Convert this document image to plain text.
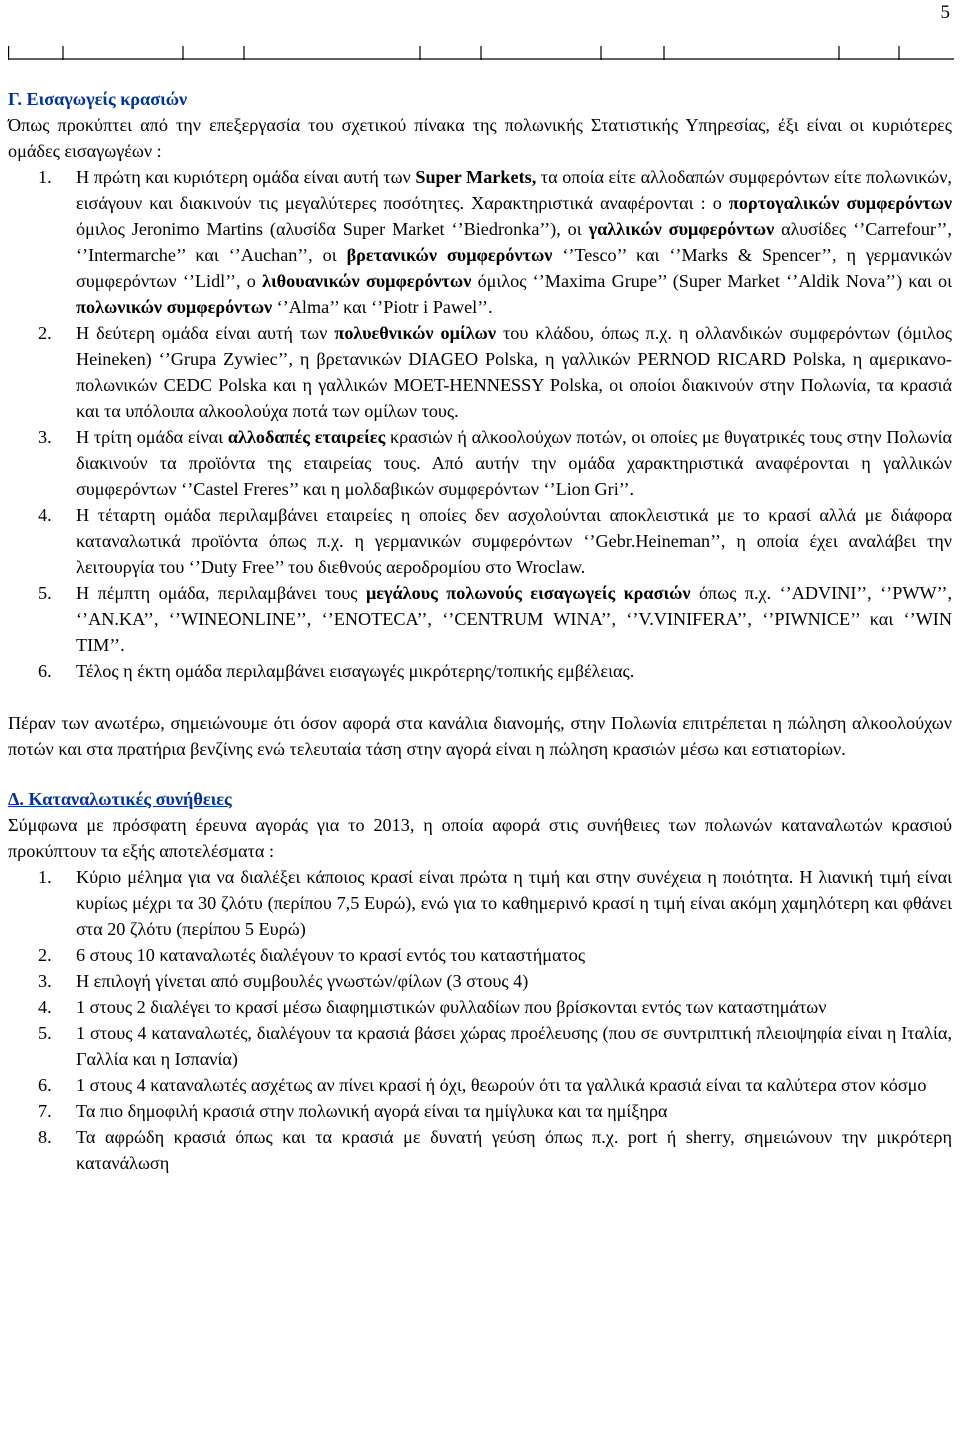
5
Γ. Εισαγωγείς κρασιών

Όπως προκύπτει από την επεξεργασία του σχετικού πίνακα της πολωνικής Στατιστικής Υπηρεσίας, έξι είναι οι κυριότερες ομάδες εισαγωγέων :

1. Η πρώτη και κυριότερη ομάδα είναι αυτή των Super Markets, τα οποία είτε αλλοδαπών συμφερόντων είτε πολωνικών, εισάγουν και διακινούν τις μεγαλύτερες ποσότητες. Χαρακτηριστικά αναφέρονται : ο πορτογαλικών συμφερόντων όμιλος Jeronimo Martins (αλυσίδα Super Market ‘’Biedronka’’), οι γαλλικών συμφερόντων αλυσίδες ‘’Carrefour’’, ‘’Intermarche’’ και ‘’Auchan’’, οι βρετανικών συμφερόντων ‘’Tesco’’ και ‘’Marks & Spencer’’, η γερμανικών συμφερόντων ‘’Lidl’’, ο λιθουανικών συμφερόντων όμιλος ‘’Maxima Grupe’’ (Super Market ‘’Aldik Nova’’) και οι πολωνικών συμφερόντων ‘’Alma’’ και ‘’Piotr i Pawel’’.
2. Η δεύτερη ομάδα είναι αυτή των πολυεθνικών ομίλων του κλάδου, όπως π.χ. η ολλανδικών συμφερόντων (όμιλος Heineken) ‘’Grupa Zywiec’’, η βρετανικών DIAGEO Polska, η γαλλικών PERNOD RICARD Polska, η αμερικανο-πολωνικών CEDC Polska και η γαλλικών MOET-HENNESSY Polska, οι οποίοι διακινούν στην Πολωνία, τα κρασιά και τα υπόλοιπα αλκοολούχα ποτά των ομίλων τους.
3. Η τρίτη ομάδα είναι αλλοδαπές εταιρείες κρασιών ή αλκοολούχων ποτών, οι οποίες με θυγατρικές τους στην Πολωνία διακινούν τα προϊόντα της εταιρείας τους. Από αυτήν την ομάδα χαρακτηριστικά αναφέρονται η γαλλικών συμφερόντων ‘’Castel Freres’’ και η μολδαβικών συμφερόντων ‘’Lion Gri’’.
4. Η τέταρτη ομάδα περιλαμβάνει εταιρείες η οποίες δεν ασχολούνται αποκλειστικά με το κρασί αλλά με διάφορα καταναλωτικά προϊόντα όπως π.χ. η γερμανικών συμφερόντων ‘’Gebr.Heineman’’, η οποία έχει αναλάβει την λειτουργία του ‘’Duty Free’’ του διεθνούς αεροδρομίου στο Wroclaw.
5. Η πέμπτη ομάδα, περιλαμβάνει τους μεγάλους πολωνούς εισαγωγείς κρασιών όπως π.χ. ‘’ADVINI’’, ‘’PWW’’, ‘’AN.KA’’, ‘’WINEONLINE’’, ‘’ENOTECA’’, ‘’CENTRUM WINA’’, ‘’V.VINIFERA’’, ‘’PIWNICE’’ και ‘’WIN TIM’’.
6. Τέλος η έκτη ομάδα περιλαμβάνει εισαγωγές μικρότερης/τοπικής εμβέλειας.

Πέραν των ανωτέρω, σημειώνουμε ότι όσον αφορά στα κανάλια διανομής, στην Πολωνία επιτρέπεται η πώληση αλκοολούχων ποτών και στα πρατήρια βενζίνης ενώ τελευταία τάση στην αγορά είναι η πώληση κρασιών μέσω και εστιατορίων.

Δ. Καταναλωτικές συνήθειες

Σύμφωνα με πρόσφατη έρευνα αγοράς για το 2013, η οποία αφορά στις συνήθειες των πολωνών καταναλωτών κρασιού προκύπτουν τα εξής αποτελέσματα :

1. Κύριο μέλημα για να διαλέξει κάποιος κρασί είναι πρώτα η τιμή και στην συνέχεια η ποιότητα. Η λιανική τιμή είναι κυρίως μέχρι τα 30 ζλότυ (περίπου 7,5 Ευρώ), ενώ για το καθημερινό κρασί η τιμή είναι ακόμη χαμηλότερη και φθάνει στα 20 ζλότυ (περίπου 5 Ευρώ)
2. 6 στους 10 καταναλωτές διαλέγουν το κρασί εντός του καταστήματος
3. Η επιλογή γίνεται από συμβουλές γνωστών/φίλων (3 στους 4)
4. 1 στους 2 διαλέγει το κρασί μέσω διαφημιστικών φυλλαδίων που βρίσκονται εντός των καταστημάτων
5. 1 στους 4 καταναλωτές, διαλέγουν τα κρασιά βάσει χώρας προέλευσης (που σε συντριπτική πλειοψηφία είναι η Ιταλία, Γαλλία και η Ισπανία)
6. 1 στους 4 καταναλωτές ασχέτως αν πίνει κρασί ή όχι, θεωρούν ότι τα γαλλικά κρασιά είναι τα καλύτερα στον κόσμο
7. Τα πιο δημοφιλή κρασιά στην πολωνική αγορά είναι τα ημίγλυκα και τα ημίξηρα
8. Τα αφρώδη κρασιά όπως και τα κρασιά με δυνατή γεύση όπως π.χ. port ή sherry, σημειώνουν την μικρότερη κατανάλωση
